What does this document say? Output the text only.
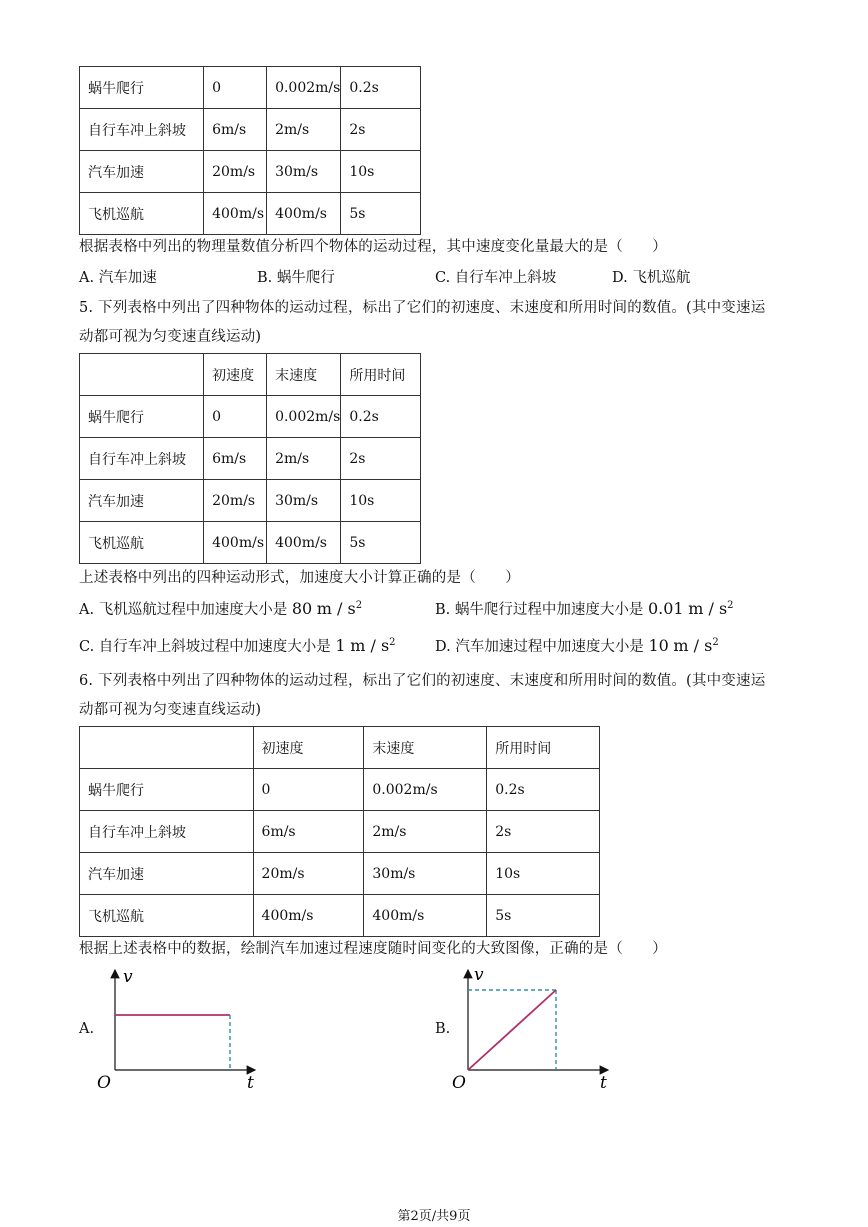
蜗牛爬行	0	0.002m/s	0.2s
自行车冲上斜坡	6m/s	2m/s	2s
汽车加速	20m/s	30m/s	10s
飞机巡航	400m/s	400m/s	5s
根据表格中列出的物理量数值分析四个物体的运动过程，其中速度变化量最大的是（　　）
A. 汽车加速	B. 蜗牛爬行	C. 自行车冲上斜坡	D. 飞机巡航
5. 下列表格中列出了四种物体的运动过程，标出了它们的初速度、末速度和所用时间的数值。(其中变速运
动都可视为匀变速直线运动)
	初速度	末速度	所用时间
蜗牛爬行	0	0.002m/s	0.2s
自行车冲上斜坡	6m/s	2m/s	2s
汽车加速	20m/s	30m/s	10s
飞机巡航	400m/s	400m/s	5s
上述表格中列出的四种运动形式，加速度大小计算正确的是（　　）
A. 飞机巡航过程中加速度大小是 80 m / $s^2$	B. 蜗牛爬行过程中加速度大小是 0.01 m / $s^2$
C. 自行车冲上斜坡过程中加速度大小是 1 m / $s^2$	D. 汽车加速过程中加速度大小是 10 m / $s^2$
6. 下列表格中列出了四种物体的运动过程，标出了它们的初速度、末速度和所用时间的数值。(其中变速运
动都可视为匀变速直线运动)
	初速度	末速度	所用时间
蜗牛爬行	0	0.002m/s	0.2s
自行车冲上斜坡	6m/s	2m/s	2s
汽车加速	20m/s	30m/s	10s
飞机巡航	400m/s	400m/s	5s
根据上述表格中的数据，绘制汽车加速过程速度随时间变化的大致图像，正确的是（　　）
A.
v
O	t
B.
v
O	t
第2页/共9页
